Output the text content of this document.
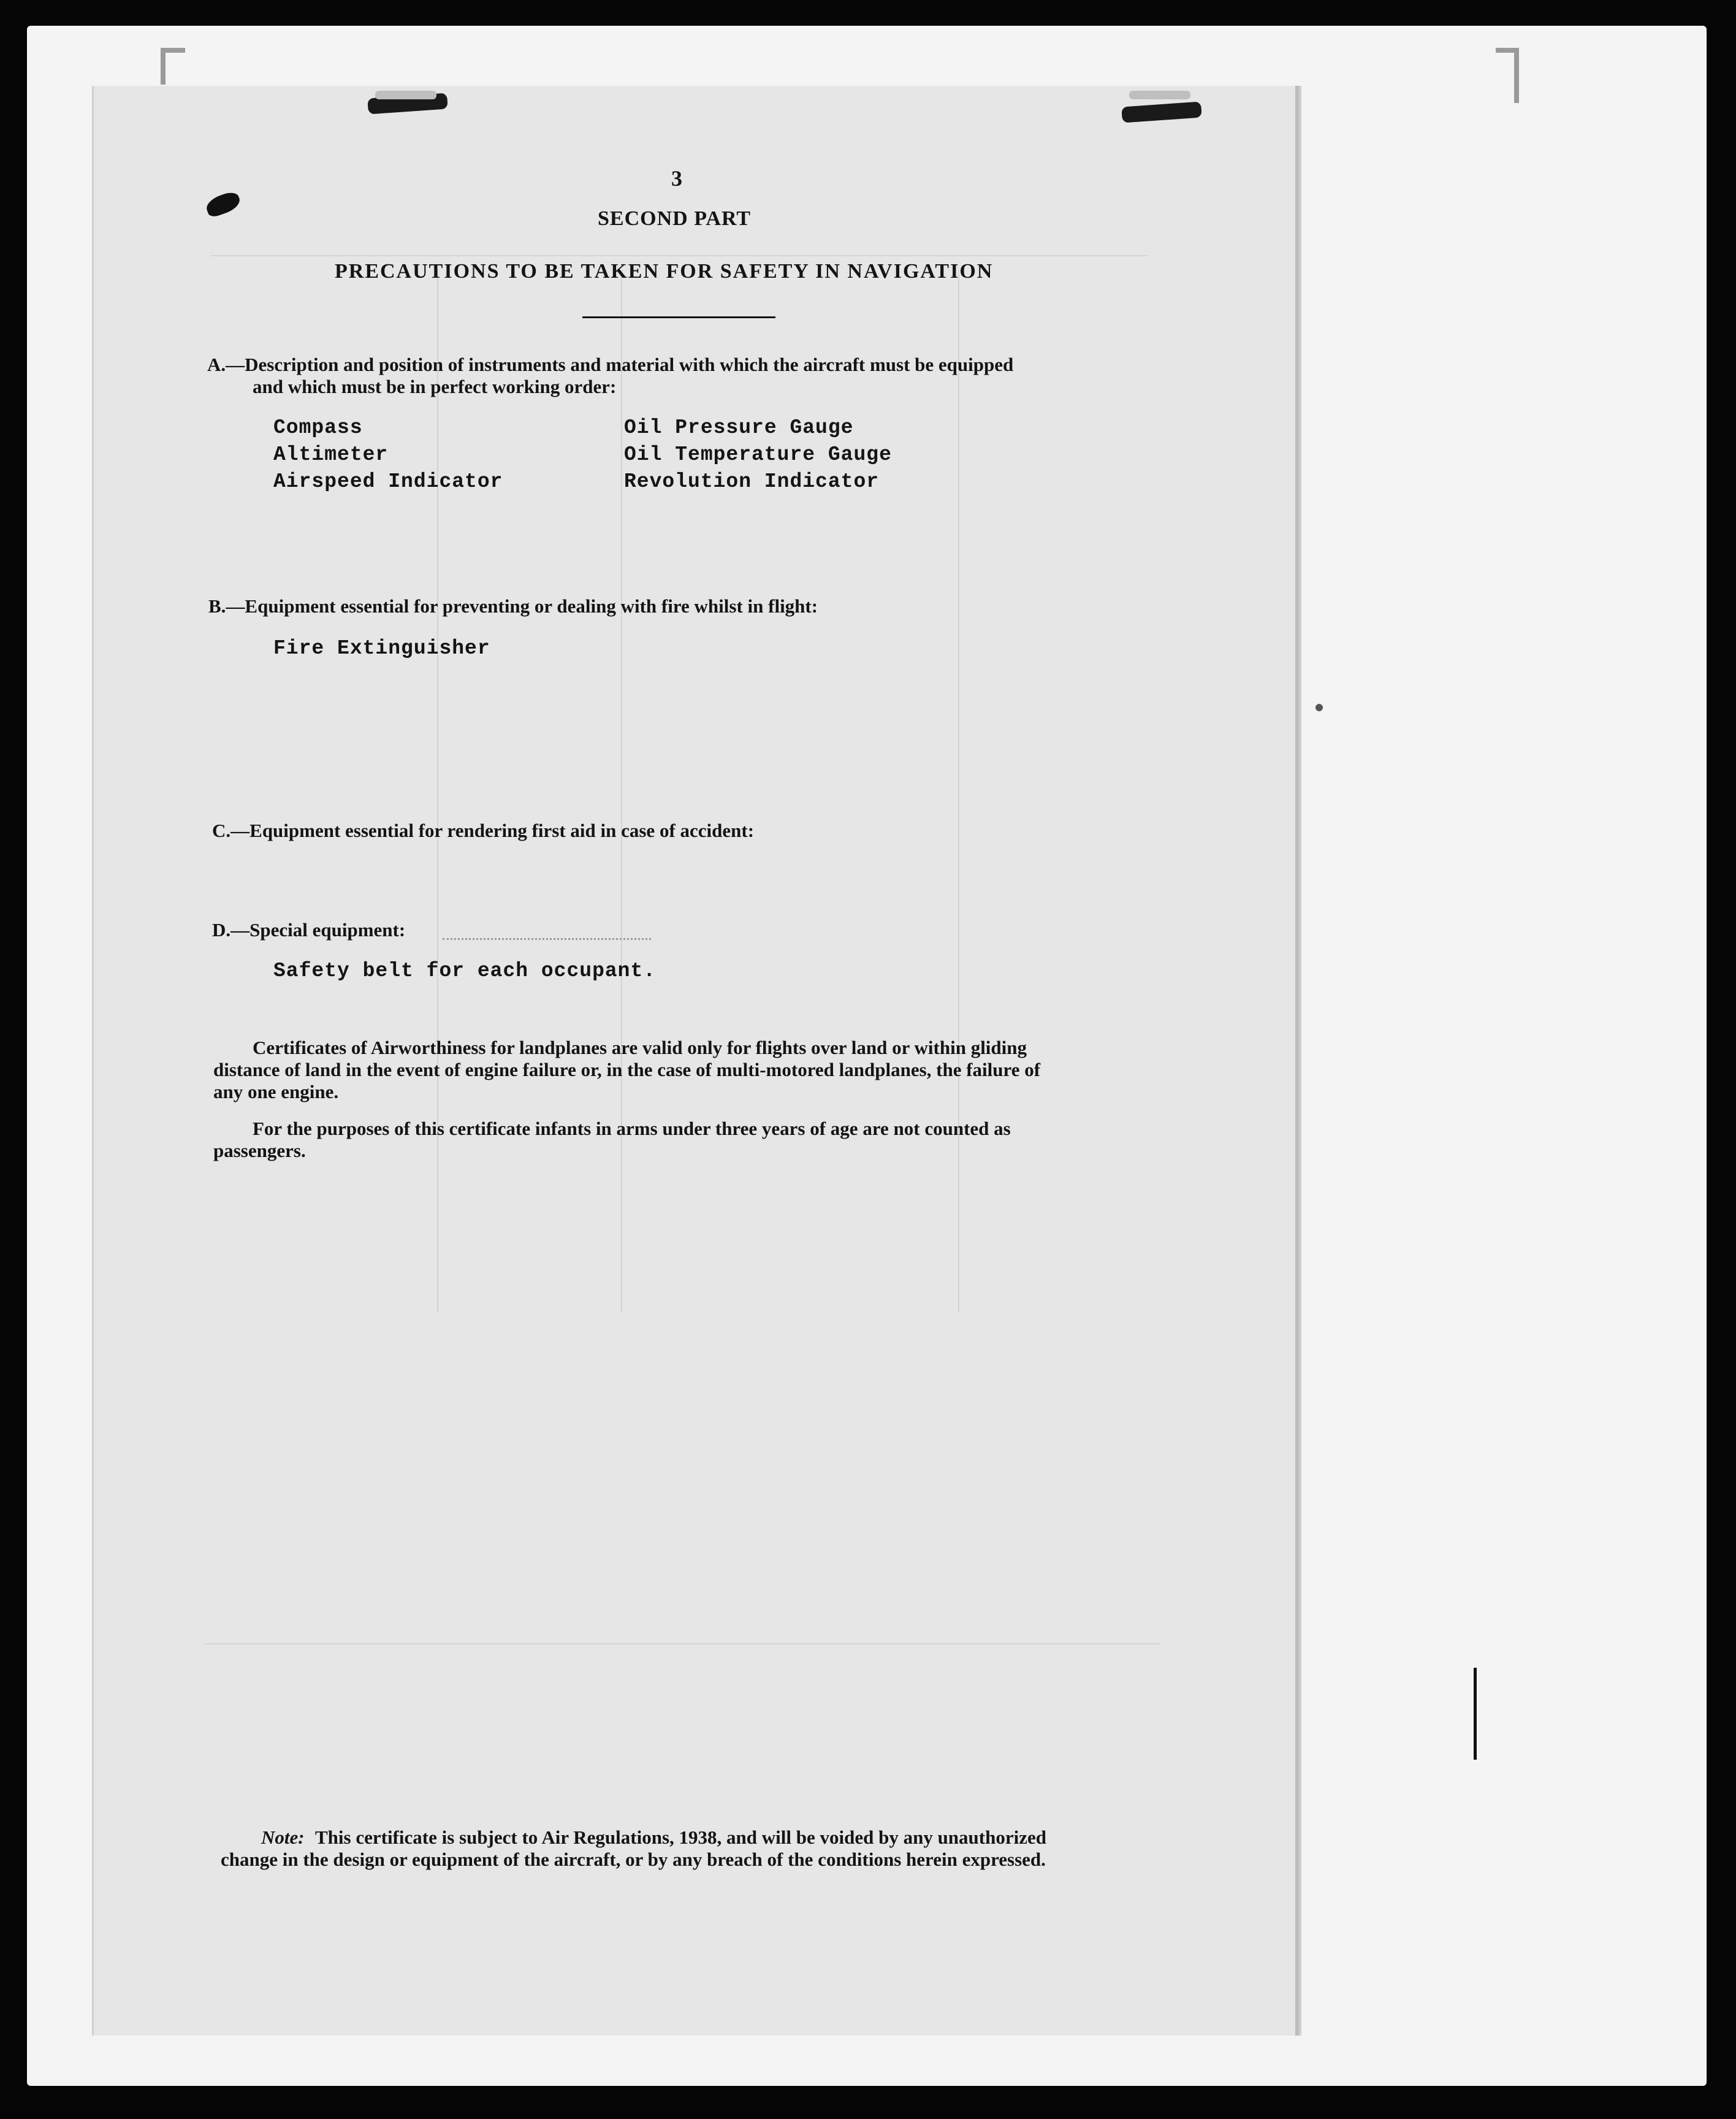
3
SECOND PART
PRECAUTIONS TO BE TAKEN FOR SAFETY IN NAVIGATION
A.—Description and position of instruments and material with which the aircraft must be equipped
and which must be in perfect working order:
Compass
Altimeter
Airspeed Indicator
Oil Pressure Gauge
Oil Temperature Gauge
Revolution Indicator
B.—Equipment essential for preventing or dealing with fire whilst in flight:
Fire Extinguisher
C.—Equipment essential for rendering first aid in case of accident:
D.—Special equipment:
Safety belt for each occupant.
Certificates of Airworthiness for landplanes are valid only for flights over land or within gliding
distance of land in the event of engine failure or, in the case of multi-motored landplanes, the failure of
any one engine.
For the purposes of this certificate infants in arms under three years of age are not counted as
passengers.
Note: This certificate is subject to Air Regulations, 1938, and will be voided by any unauthorized
change in the design or equipment of the aircraft, or by any breach of the conditions herein expressed.
